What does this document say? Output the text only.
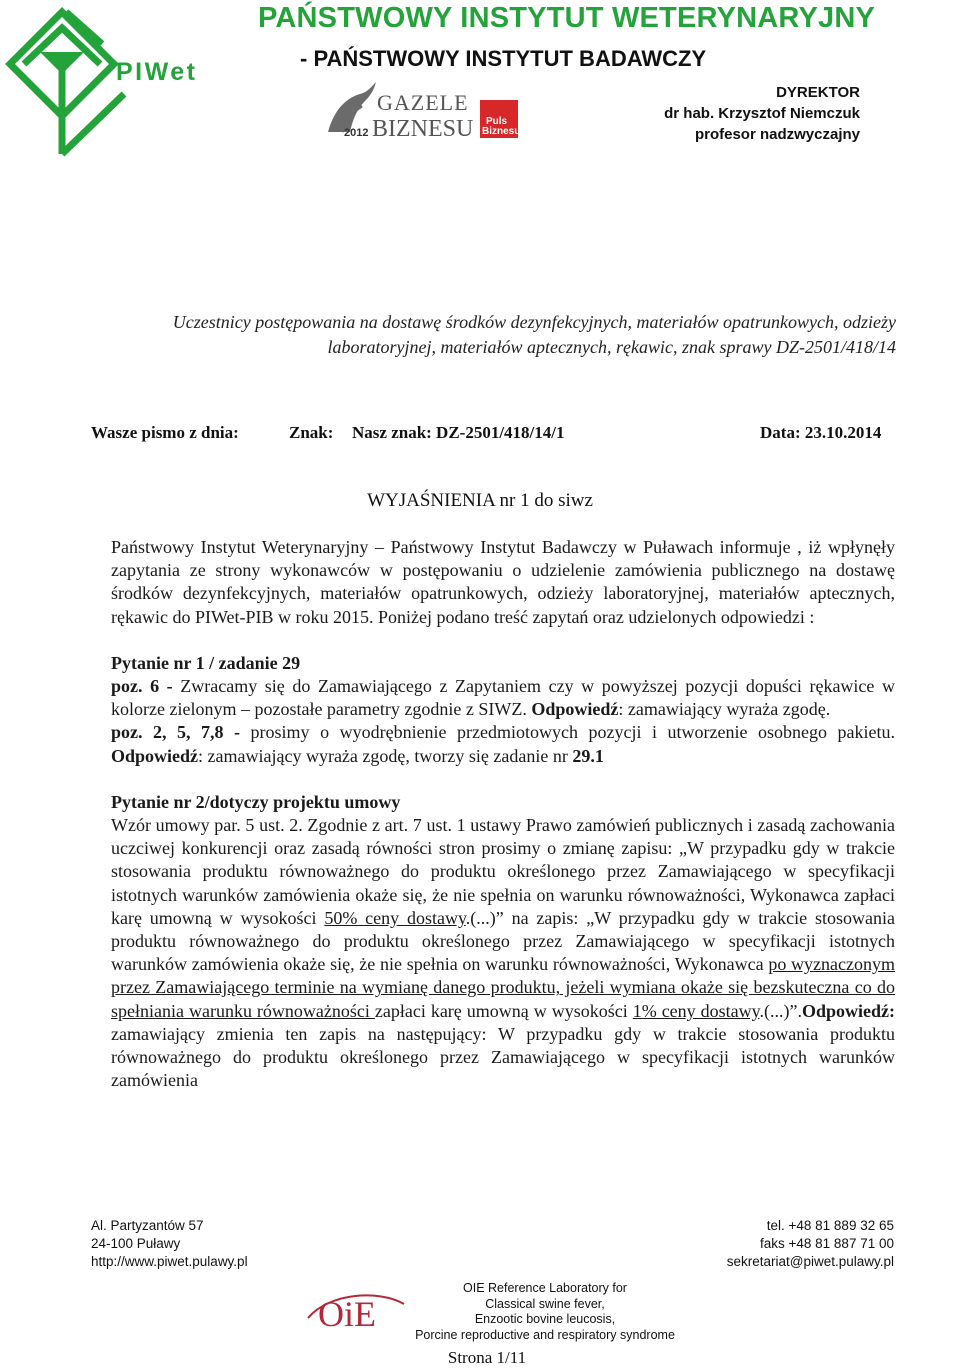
PIWet
PAŃSTWOWY INSTYTUT WETERYNARYJNY
- PAŃSTWOWY INSTYTUT BADAWCZY
2012
GAZELE
BIZNESU Puls
Biznesu
DYREKTOR
dr hab. Krzysztof Niemczuk
profesor nadzwyczajny
Uczestnicy postępowania na dostawę środków dezynfekcyjnych, materiałów opatrunkowych, odzieży
laboratoryjnej, materiałów aptecznych, rękawic, znak sprawy DZ-2501/418/14
Wasze pismo z dnia:	Znak: Nasz znak: DZ-2501/418/14/1	Data: 23.10.2014
WYJAŚNIENIA nr 1 do siwz

Państwowy Instytut Weterynaryjny – Państwowy Instytut Badawczy w Puławach informuje , iż wpłynęły zapytania ze strony wykonawców w postępowaniu o udzielenie zamówienia publicznego na dostawę środków dezynfekcyjnych, materiałów opatrunkowych, odzieży laboratoryjnej, materiałów aptecznych, rękawic do PIWet-PIB w roku 2015. Poniżej podano treść zapytań oraz udzielonych odpowiedzi :

Pytanie nr 1 / zadanie 29

poz. 6 - Zwracamy się do Zamawiającego z Zapytaniem czy w powyższej pozycji dopuści rękawice w kolorze zielonym – pozostałe parametry zgodnie z SIWZ. Odpowiedź: zamawiający wyraża zgodę.

poz. 2, 5, 7,8 - prosimy o wyodrębnienie przedmiotowych pozycji i utworzenie osobnego pakietu. Odpowiedź: zamawiający wyraża zgodę, tworzy się zadanie nr 29.1

Pytanie nr 2/dotyczy projektu umowy

Wzór umowy par. 5 ust. 2. Zgodnie z art. 7 ust. 1 ustawy Prawo zamówień publicznych i zasadą zachowania uczciwej konkurencji oraz zasadą równości stron prosimy o zmianę zapisu: „W przypadku gdy w trakcie stosowania produktu równoważnego do produktu określonego przez Zamawiającego w specyfikacji istotnych warunków zamówienia okaże się, że nie spełnia on warunku równoważności, Wykonawca zapłaci karę umowną w wysokości 50% ceny dostawy.(...)” na zapis: „W przypadku gdy w trakcie stosowania produktu równoważnego do produktu określonego przez Zamawiającego w specyfikacji istotnych warunków zamówienia okaże się, że nie spełnia on warunku równoważności, Wykonawca po wyznaczonym przez Zamawiającego terminie na wymianę danego produktu, jeżeli wymiana okaże się bezskuteczna co do spełniania warunku równoważności zapłaci karę umowną w wysokości 1% ceny dostawy.(...)”.Odpowiedź: zamawiający zmienia ten zapis na następujący: W przypadku gdy w trakcie stosowania produktu równoważnego do produktu określonego przez Zamawiającego w specyfikacji istotnych warunków zamówienia

Al. Partyzantów 57
24-100 Puławy
http://www.piwet.pulawy.pl
tel. +48 81 889 32 65
faks +48 81 887 71 00
sekretariat@piwet.pulawy.pl
OiE
OIE Reference Laboratory for
Classical swine fever,
Enzootic bovine leucosis,
Porcine reproductive and respiratory syndrome
Strona 1/11
